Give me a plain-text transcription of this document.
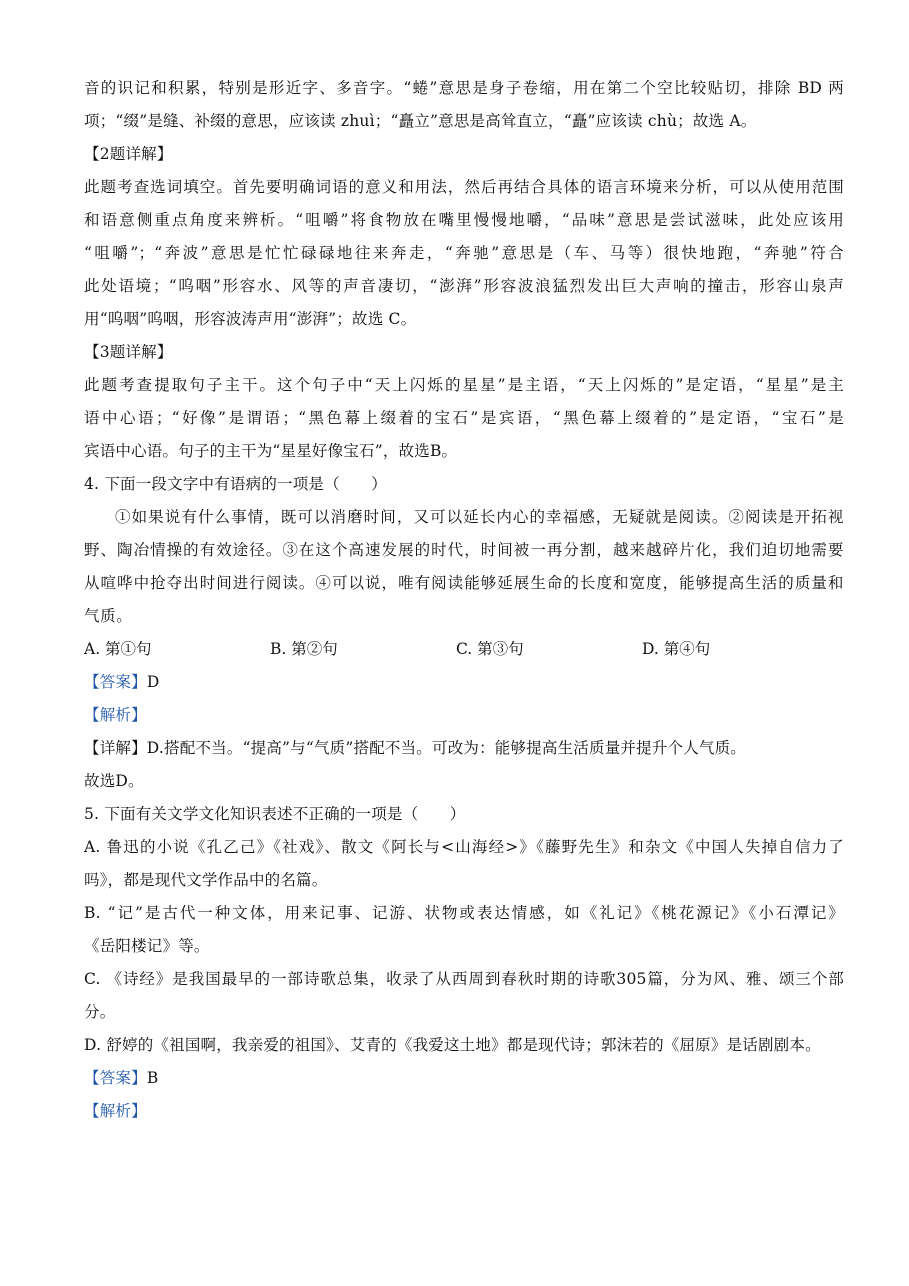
音的识记和积累，特别是形近字、多音字。“蜷”意思是身子卷缩，用在第二个空比较贴切，排除 BD 两
项；“缀”是缝、补缀的意思，应该读 zhuì；“矗立”意思是高耸直立，“矗”应该读 chù；故选 A。
【2题详解】
此题考查选词填空。首先要明确词语的意义和用法，然后再结合具体的语言环境来分析，可以从使用范围
和语意侧重点角度来辨析。“咀嚼”将食物放在嘴里慢慢地嚼，“品味”意思是尝试滋味，此处应该用
“咀嚼”；“奔波”意思是忙忙碌碌地往来奔走，“奔驰”意思是（车、马等）很快地跑，“奔驰”符合
此处语境；“呜咽”形容水、风等的声音凄切，“澎湃”形容波浪猛烈发出巨大声响的撞击，形容山泉声
用“呜咽”呜咽，形容波涛声用“澎湃”；故选 C。
【3题详解】
此题考查提取句子主干。这个句子中“天上闪烁的星星”是主语，“天上闪烁的”是定语，“星星”是主
语中心语；“好像”是谓语；“黑色幕上缀着的宝石”是宾语，“黑色幕上缀着的”是定语，“宝石”是
宾语中心语。句子的主干为“星星好像宝石”，故选B。
4. 下面一段文字中有语病的一项是（　　）
①如果说有什么事情，既可以消磨时间，又可以延长内心的幸福感，无疑就是阅读。②阅读是开拓视
野、陶冶情操的有效途径。③在这个高速发展的时代，时间被一再分割，越来越碎片化，我们迫切地需要
从喧哗中抢夺出时间进行阅读。④可以说，唯有阅读能够延展生命的长度和宽度，能够提高生活的质量和
气质。
A. 第①句	B. 第②句	C. 第③句	D. 第④句
【答案】D
【解析】
【详解】D.搭配不当。“提高”与“气质”搭配不当。可改为：能够提高生活质量并提升个人气质。
故选D。
5. 下面有关文学文化知识表述不正确的一项是（　　）
A. 鲁迅的小说《孔乙己》《社戏》、散文《阿长与<山海经>》《藤野先生》和杂文《中国人失掉自信力了
吗》，都是现代文学作品中的名篇。
B. “记”是古代一种文体，用来记事、记游、状物或表达情感，如《礼记》《桃花源记》《小石潭记》
《岳阳楼记》等。
C. 《诗经》是我国最早的一部诗歌总集，收录了从西周到春秋时期的诗歌305篇，分为风、雅、颂三个部
分。
D. 舒婷的《祖国啊，我亲爱的祖国》、艾青的《我爱这土地》都是现代诗；郭沫若的《屈原》是话剧剧本。
【答案】B
【解析】
